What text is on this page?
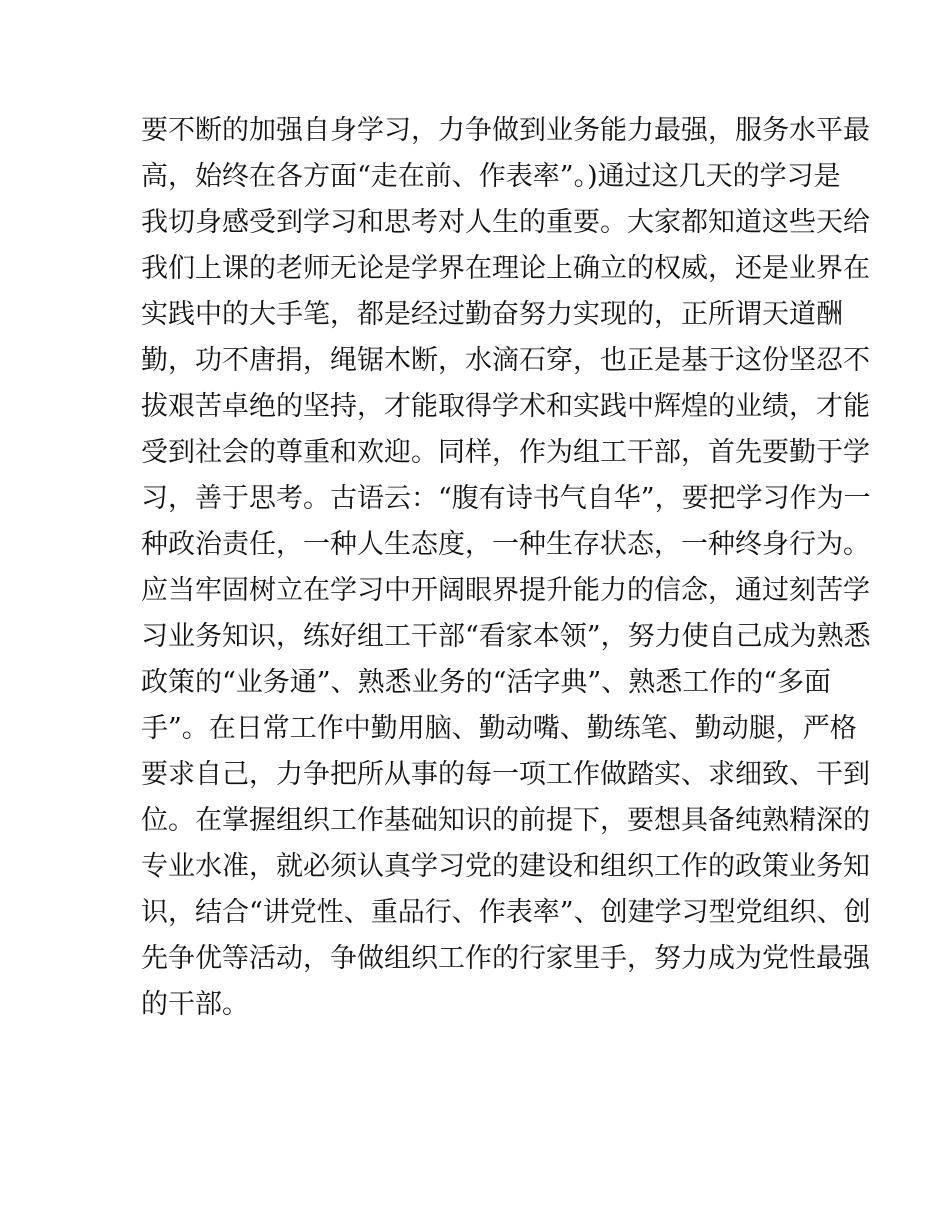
要不断的加强自身学习，力争做到业务能力最强，服务水平最
高，始终在各方面“走在前、作表率”。)通过这几天的学习是
我切身感受到学习和思考对人生的重要。大家都知道这些天给
我们上课的老师无论是学界在理论上确立的权威，还是业界在
实践中的大手笔，都是经过勤奋努力实现的，正所谓天道酬
勤，功不唐捐，绳锯木断，水滴石穿，也正是基于这份坚忍不
拔艰苦卓绝的坚持，才能取得学术和实践中辉煌的业绩，才能
受到社会的尊重和欢迎。同样，作为组工干部，首先要勤于学
习，善于思考。古语云：“腹有诗书气自华”，要把学习作为一
种政治责任，一种人生态度，一种生存状态，一种终身行为。
应当牢固树立在学习中开阔眼界提升能力的信念，通过刻苦学
习业务知识，练好组工干部“看家本领”，努力使自己成为熟悉
政策的“业务通”、熟悉业务的“活字典”、熟悉工作的“多面
手”。在日常工作中勤用脑、勤动嘴、勤练笔、勤动腿，严格
要求自己，力争把所从事的每一项工作做踏实、求细致、干到
位。在掌握组织工作基础知识的前提下，要想具备纯熟精深的
专业水准，就必须认真学习党的建设和组织工作的政策业务知
识，结合“讲党性、重品行、作表率”、创建学习型党组织、创
先争优等活动，争做组织工作的行家里手，努力成为党性最强
的干部。
